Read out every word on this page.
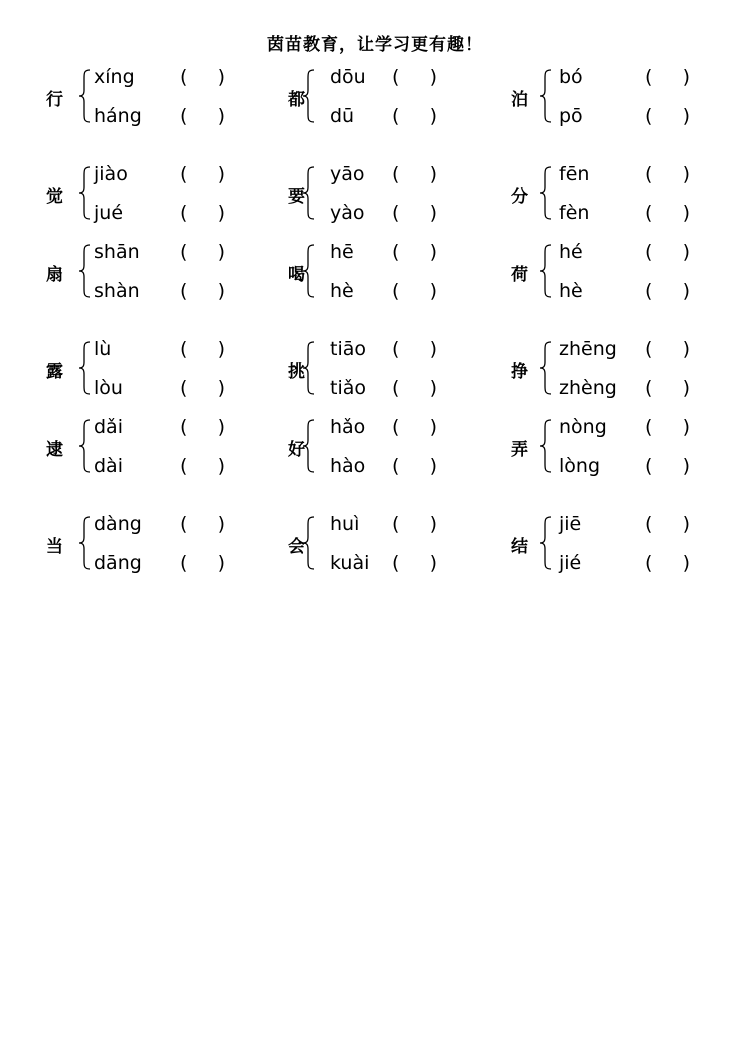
茵苗教育，让学习更有趣！
行
xíng (     )
háng (     )
都
dōu (     )
dū (     )
泊
bó	(     )
pō	(     )
觉
jiào	(     )
jué	(     )
要
yāo (     )
yào (     )
分
fēn	(     )
fèn	(     )
扇
shān (     )
shàn (     )
喝
hē (     )
hè (     )
荷
hé	(     )
hè	(     )
露
lù	(     )
lòu	(     )
挑
tiāo (     )
tiǎo (     )
挣
zhēng (     )
zhèng (     )
逮
dǎi	(     )
dài	(     )
好
hǎo (     )
hào (     )
弄
nòng (     )
lòng (     )
当
dàng (     )
dāng (     )
会
huì (     )
kuài (     )
结
jiē	(     )
jié	(     )
